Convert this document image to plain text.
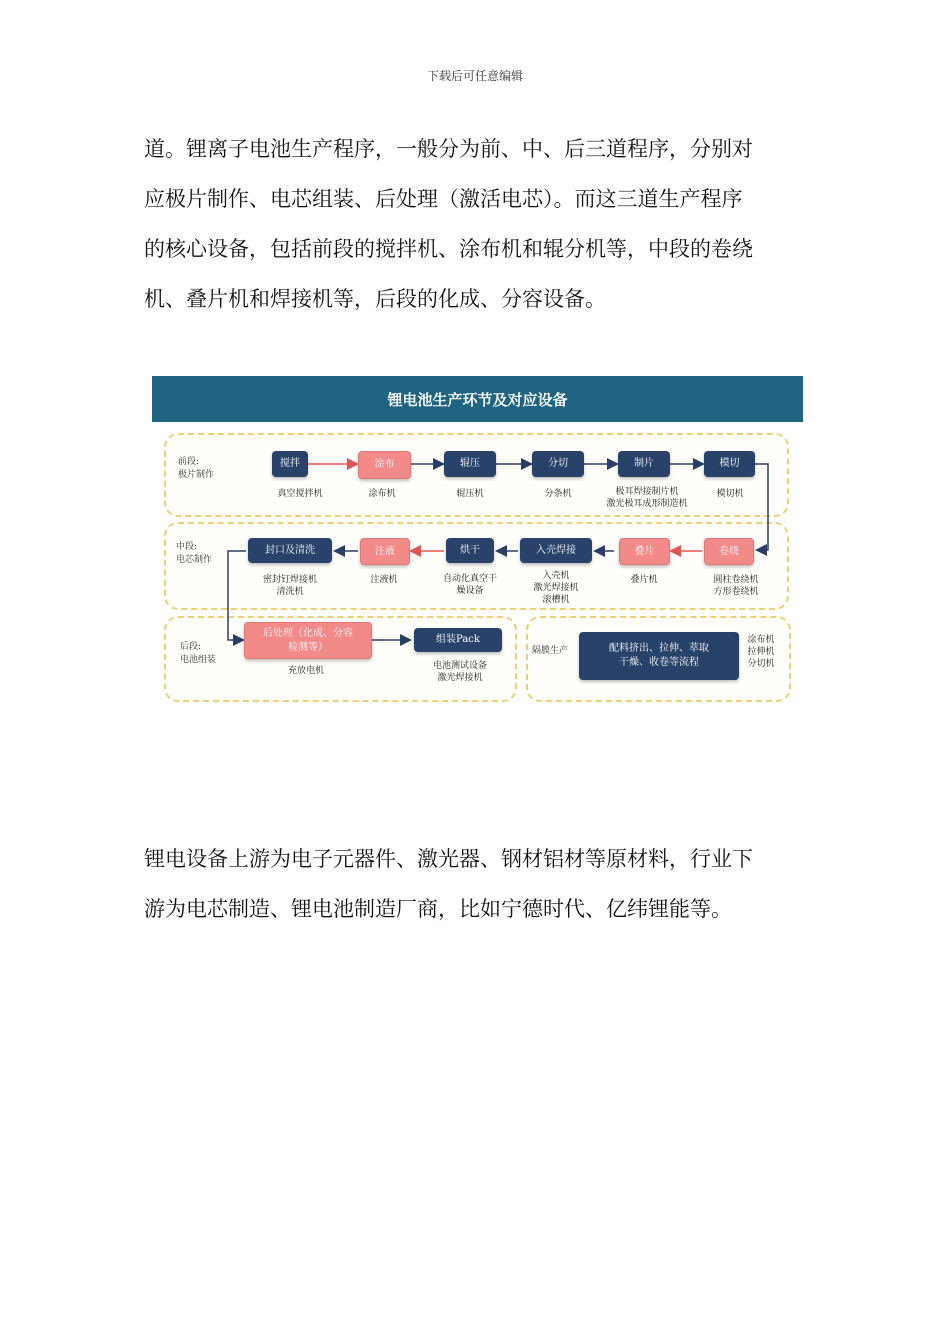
下载后可任意编辑

道。锂离子电池生产程序，一般分为前、中、后三道程序，分别对
应极片制作、电芯组装、后处理（激活电芯）。而这三道生产程序
的核心设备，包括前段的搅拌机、涂布机和辊分机等，中段的卷绕
机、叠片机和焊接机等，后段的化成、分容设备。

锂电池生产环节及对应设备
前段:
极片制作
搅拌	涂布	辊压	分切	制片	模切
真空搅拌机	涂布机	辊压机	分条机	极耳焊接制片机
激光极耳成形制造机
模切机
中段:
电芯制作
卷绕
叠片
入壳焊接
烘干
注液
封口及清洗
圆柱卷绕机
方形卷绕机
叠片机
入壳机
激光焊接机
滚槽机
自动化真空干
燥设备
注液机
密封钉焊接机
清洗机
后段:
电池组装
后处理（化成、分容
检测等）
组装Pack
充放电机	电池测试设备
激光焊接机
隔膜生产	配料挤出、拉伸、萃取
干燥、收卷等流程
涂布机
拉伸机
分切机

锂电设备上游为电子元器件、激光器、钢材铝材等原材料，行业下
游为电芯制造、锂电池制造厂商，比如宁德时代、亿纬锂能等。
